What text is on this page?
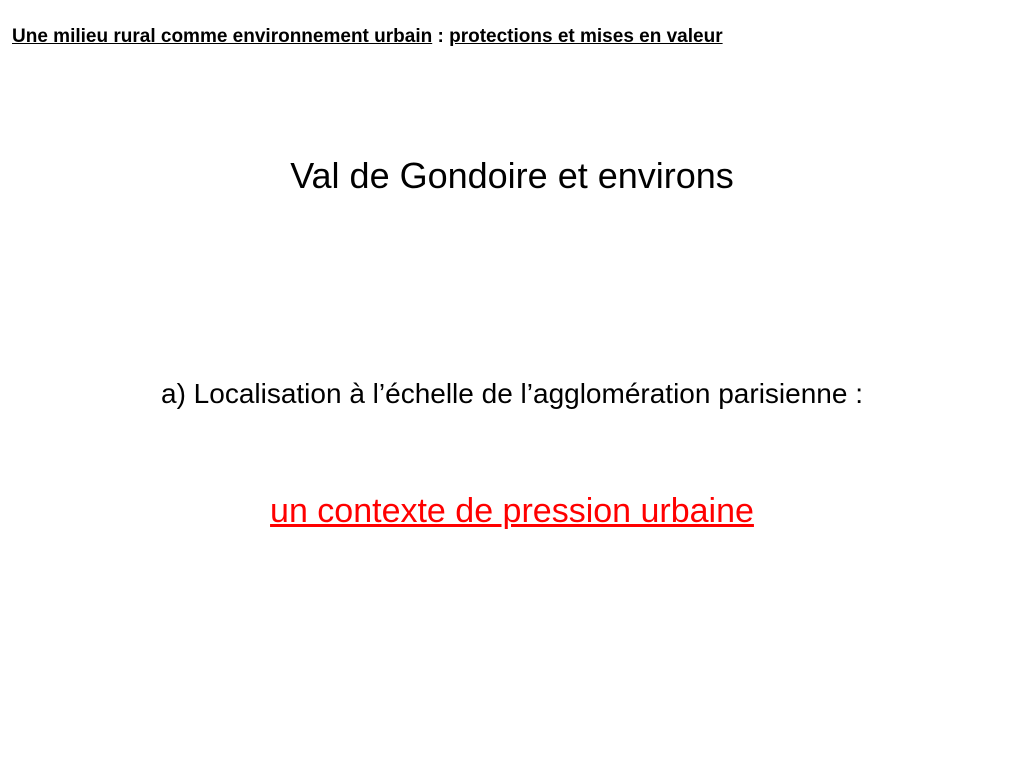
Une milieu rural comme environnement urbain : protections et mises en valeur
Val de Gondoire et environs
a) Localisation à l’échelle de l’agglomération parisienne :
un contexte de pression urbaine
